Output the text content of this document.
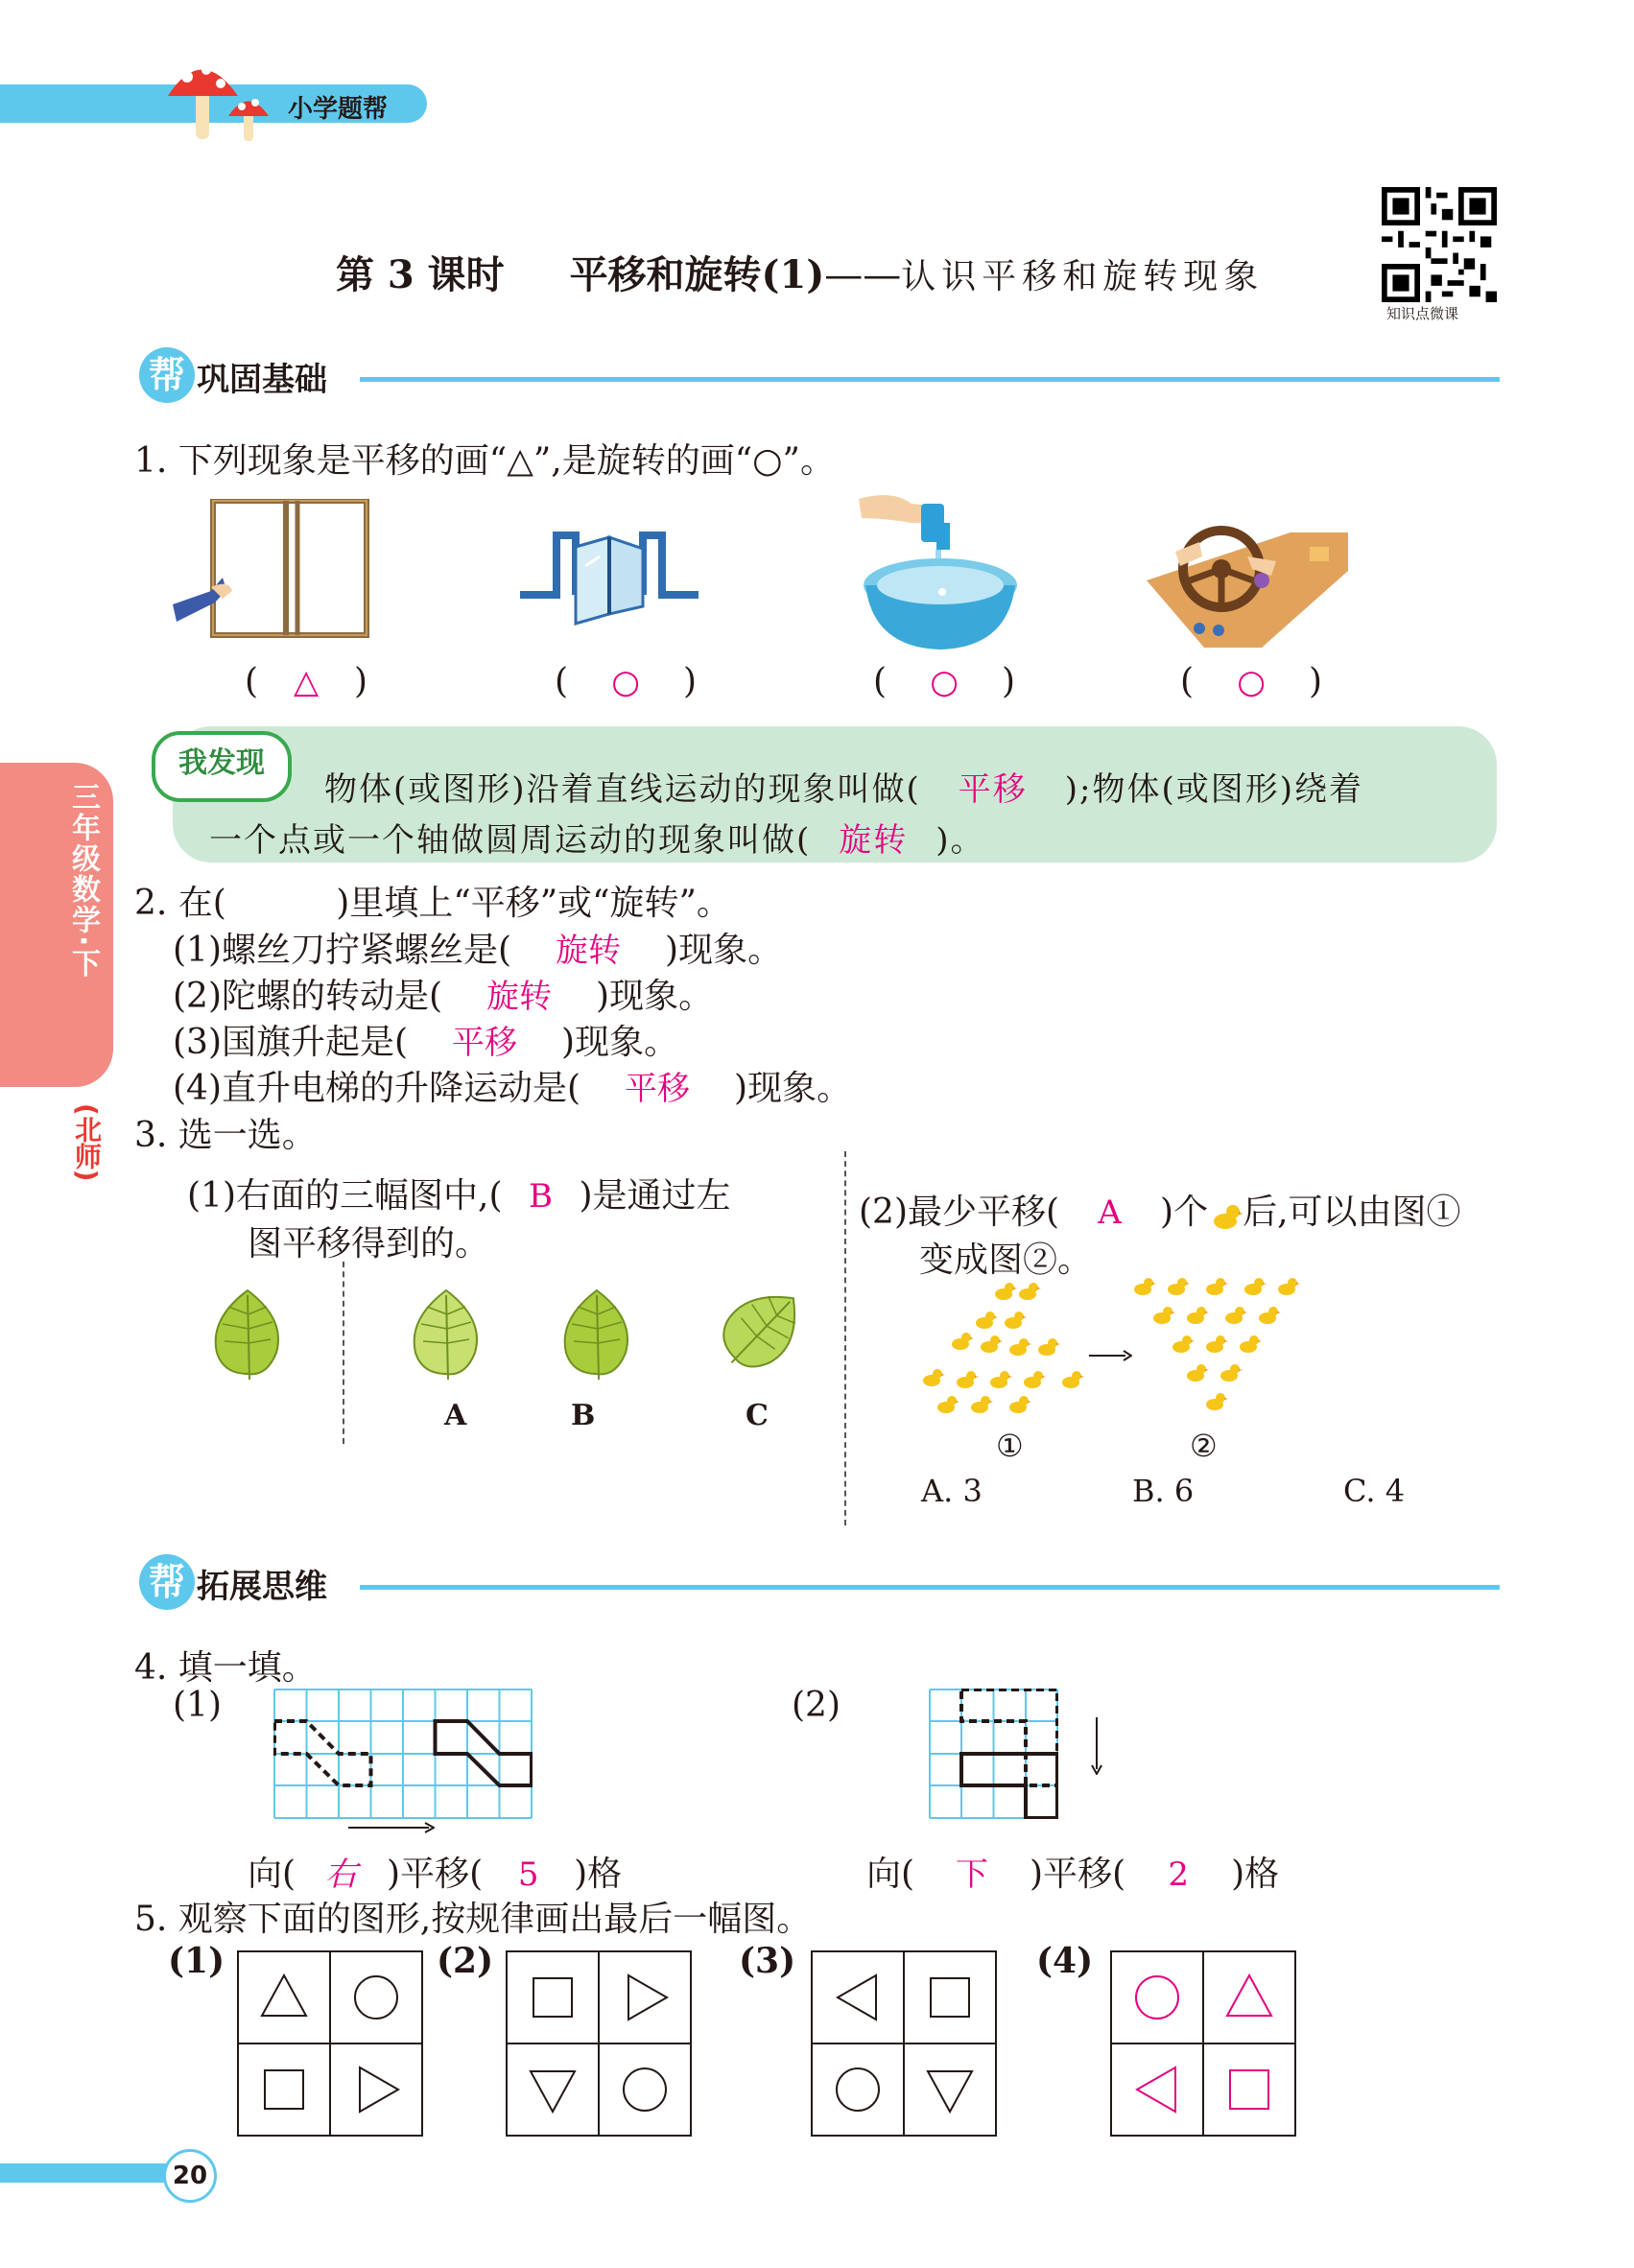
小学题帮
第 3 课时 平移和旋转(1)——认识平移和旋转现象
知识点微课
三年级数学·下
(北师)
帮 巩固基础
1. 下列现象是平移的画“△”,是旋转的画“○”。
( △ )	( ○ )	( ○ )	( ○ )
我发现
物体(或图形)沿着直线运动的现象叫做( 平移 );物体(或图形)绕着
一个点或一个轴做圆周运动的现象叫做( 旋转 )。
2. 在(          )里填上“平移”或“旋转”。
(1)螺丝刀拧紧螺丝是( 旋转 )现象。
(2)陀螺的转动是( 旋转 )现象。
(3)国旗升起是( 平移 )现象。
(4)直升电梯的升降运动是( 平移 )现象。
3. 选一选。
(1)右面的三幅图中,( B )是通过左
图平移得到的。
A	B	C
(2)最少平移( A )个 后,可以由图①
变成图②。
①	②
A. 3	B. 6	C. 4
帮 拓展思维
4. 填一填。
(1)	(2)
向( 右 )平移( 5 )格	向( 下 )平移( 2 )格
5. 观察下面的图形,按规律画出最后一幅图。
(1)	(2)	(3)	(4)
20
